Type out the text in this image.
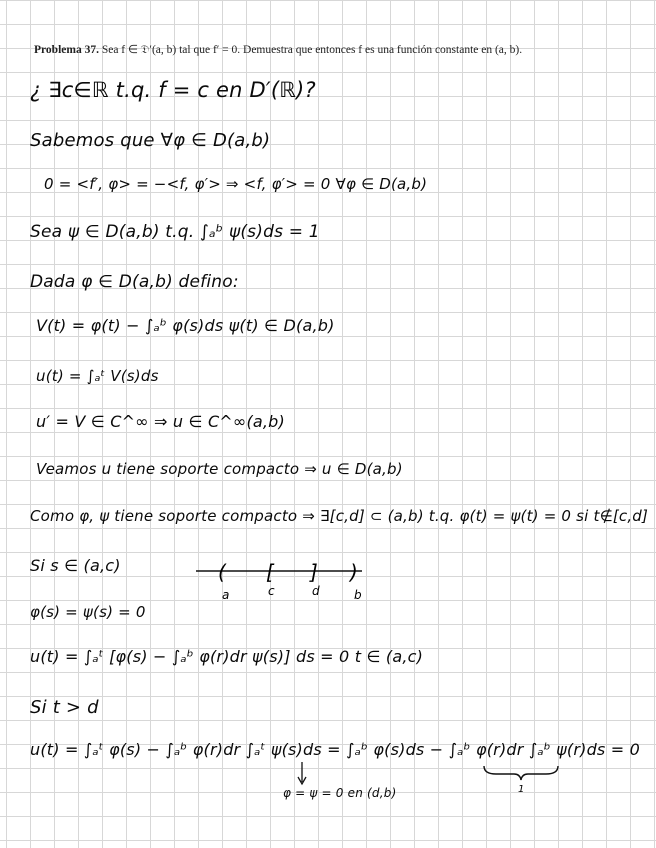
Problema 37. Sea f ∈ 𝔇′(a, b) tal que f′ = 0. Demuestra que entonces f es una función constante en (a, b).
¿ ∃c∈ℝ t.q. f = c en D′(ℝ)?
Sabemos que ∀φ ∈ D(a,b)
0 = <f′, φ> = −<f, φ′> ⇒ <f, φ′> = 0 ∀φ ∈ D(a,b)
Sea ψ ∈ D(a,b) t.q. ∫ₐᵇ ψ(s)ds = 1
Dada φ ∈ D(a,b) defino:
V(t) = φ(t) − ∫ₐᵇ φ(s)ds ψ(t) ∈ D(a,b)
u(t) = ∫ₐᵗ V(s)ds
u′ = V ∈ C^∞ ⇒ u ∈ C^∞(a,b)
Veamos u tiene soporte compacto ⇒ u ∈ D(a,b)
Como φ, ψ tiene soporte compacto ⇒ ∃[c,d] ⊂ (a,b) t.q. φ(t) = ψ(t) = 0 si t∉[c,d]
Si s ∈ (a,c)
φ(s) = ψ(s) = 0
u(t) = ∫ₐᵗ [φ(s) − ∫ₐᵇ φ(r)dr ψ(s)] ds = 0 t ∈ (a,c)
Si t > d
u(t) = ∫ₐᵗ φ(s) − ∫ₐᵇ φ(r)dr ∫ₐᵗ ψ(s)ds = ∫ₐᵇ φ(s)ds − ∫ₐᵇ φ(r)dr ∫ₐᵇ ψ(r)ds = 0
φ = ψ = 0 en (d,b)
( [ ] )
a	c	d	b
1
